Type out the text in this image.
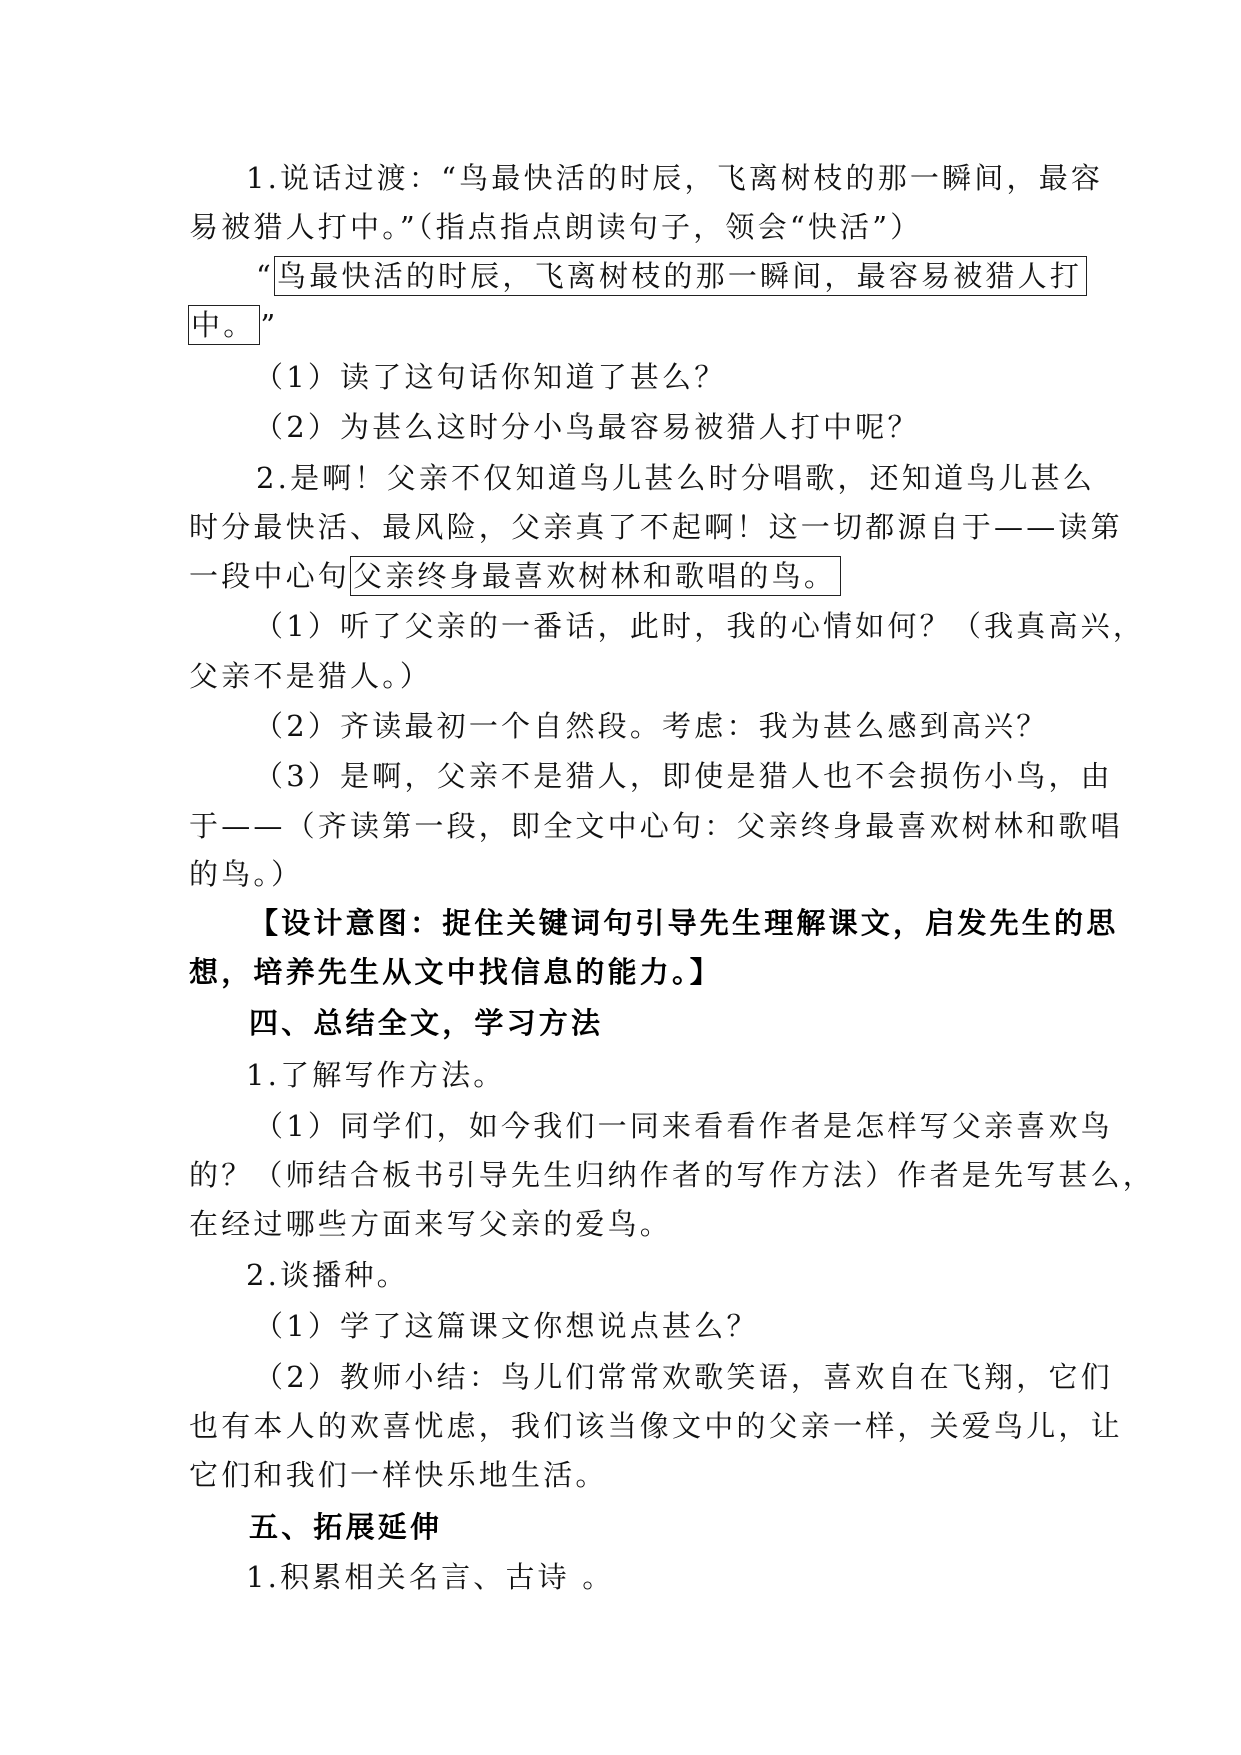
1.说话过渡：“鸟最快活的时辰，飞离树枝的那一瞬间，最容
易被猎人打中。”（指点指点朗读句子，领会“快活”）
“ 鸟最快活的时辰，飞离树枝的那一瞬间，最容易被猎人打
中。 ”
（1）读了这句话你知道了甚么？
（2）为甚么这时分小鸟最容易被猎人打中呢？
2.是啊！父亲不仅知道鸟儿甚么时分唱歌，还知道鸟儿甚么
时分最快活、最风险，父亲真了不起啊！这一切都源自于——读第
一段中心句 父亲终身最喜欢树林和歌唱的鸟。
（1）听了父亲的一番话，此时，我的心情如何？（我真高兴，
父亲不是猎人。）
（2）齐读最初一个自然段。考虑：我为甚么感到高兴？
（3）是啊，父亲不是猎人，即使是猎人也不会损伤小鸟，由
于——（齐读第一段，即全文中心句：父亲终身最喜欢树林和歌唱
的鸟。）
【设计意图：捉住关键词句引导先生理解课文，启发先生的思
想，培养先生从文中找信息的能力。】
四、总结全文，学习方法
1.了解写作方法。
（1）同学们，如今我们一同来看看作者是怎样写父亲喜欢鸟
的？（师结合板书引导先生归纳作者的写作方法）作者是先写甚么，
在经过哪些方面来写父亲的爱鸟。
2.谈播种。
（1）学了这篇课文你想说点甚么？
（2）教师小结：鸟儿们常常欢歌笑语，喜欢自在飞翔，它们
也有本人的欢喜忧虑，我们该当像文中的父亲一样，关爱鸟儿，让
它们和我们一样快乐地生活。
五、拓展延伸
1.积累相关名言、古诗 。
